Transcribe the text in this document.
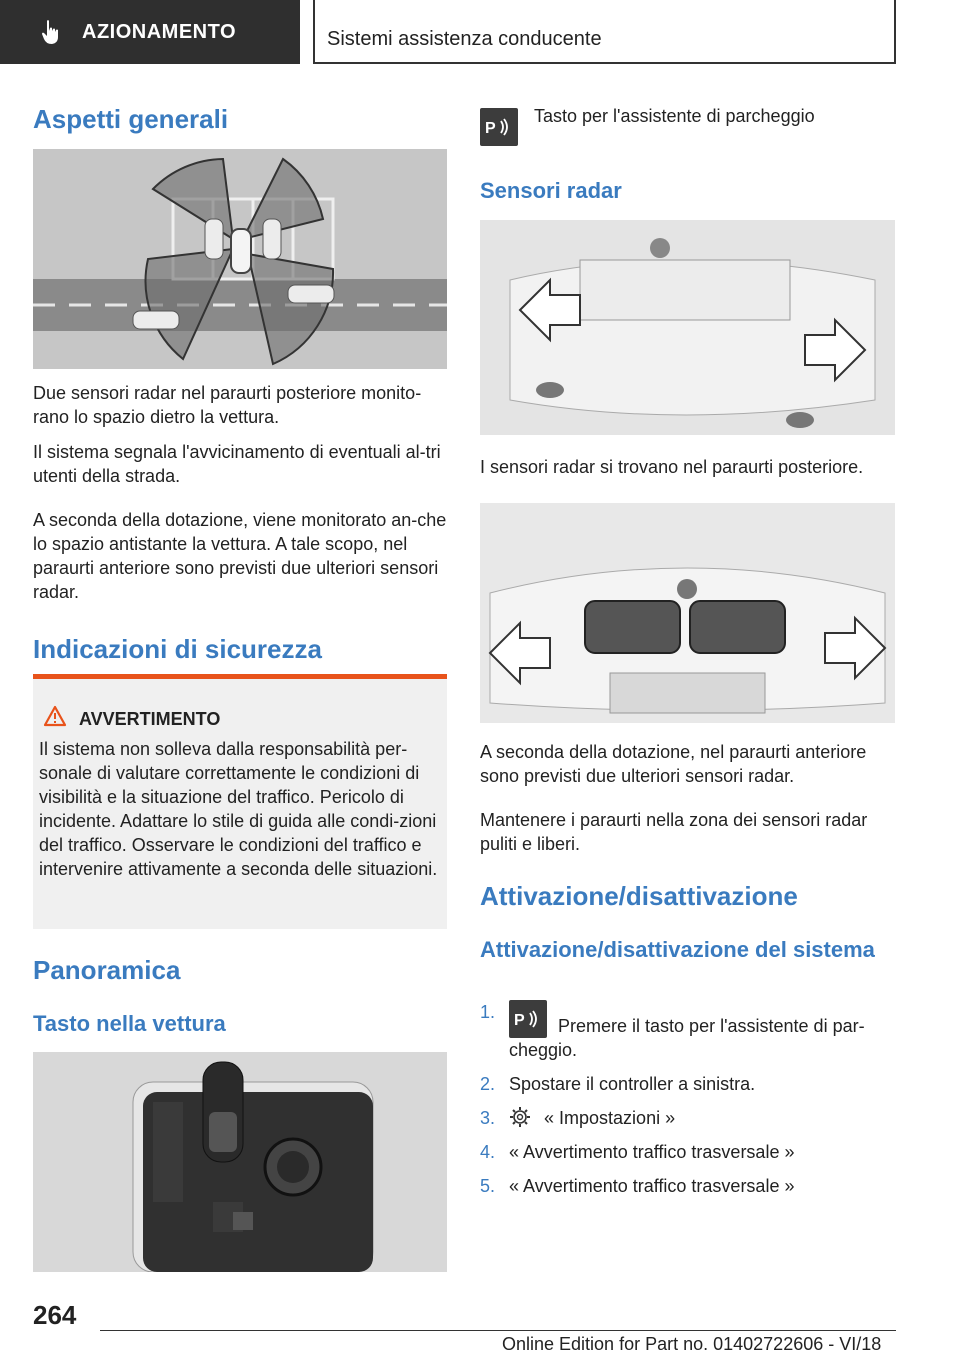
AZIONAMENTO	Sistemi assistenza conducente
Aspetti generali

Due sensori radar nel paraurti posteriore monito-rano lo spazio dietro la vettura.

Il sistema segnala l'avvicinamento di eventuali al-tri utenti della strada.

A seconda della dotazione, viene monitorato an-che lo spazio antistante la vettura. A tale scopo, nel paraurti anteriore sono previsti due ulteriori sensori radar.

Indicazioni di sicurezza
AVVERTIMENTO
Il sistema non solleva dalla responsabilità per-sonale di valutare correttamente le condizioni di visibilità e la situazione del traffico. Pericolo di incidente. Adattare lo stile di guida alle condi-zioni del traffico. Osservare le condizioni del traffico e intervenire attivamente a seconda delle situazioni.
Panoramica
Tasto nella vettura
P
Tasto per l'assistente di parcheggio
Sensori radar

I sensori radar si trovano nel paraurti posteriore.

A seconda della dotazione, nel paraurti anteriore sono previsti due ulteriori sensori radar.

Mantenere i paraurti nella zona dei sensori radar puliti e liberi.

Attivazione/disattivazione
Attivazione/disattivazione del sistema
1. P Premere il tasto per l'assistente di par-cheggio.
2. Spostare il controller a sinistra.
3.	« Impostazioni »
4. « Avvertimento traffico trasversale »
5. « Avvertimento traffico trasversale »
264
Online Edition for Part no. 01402722606 - VI/18
